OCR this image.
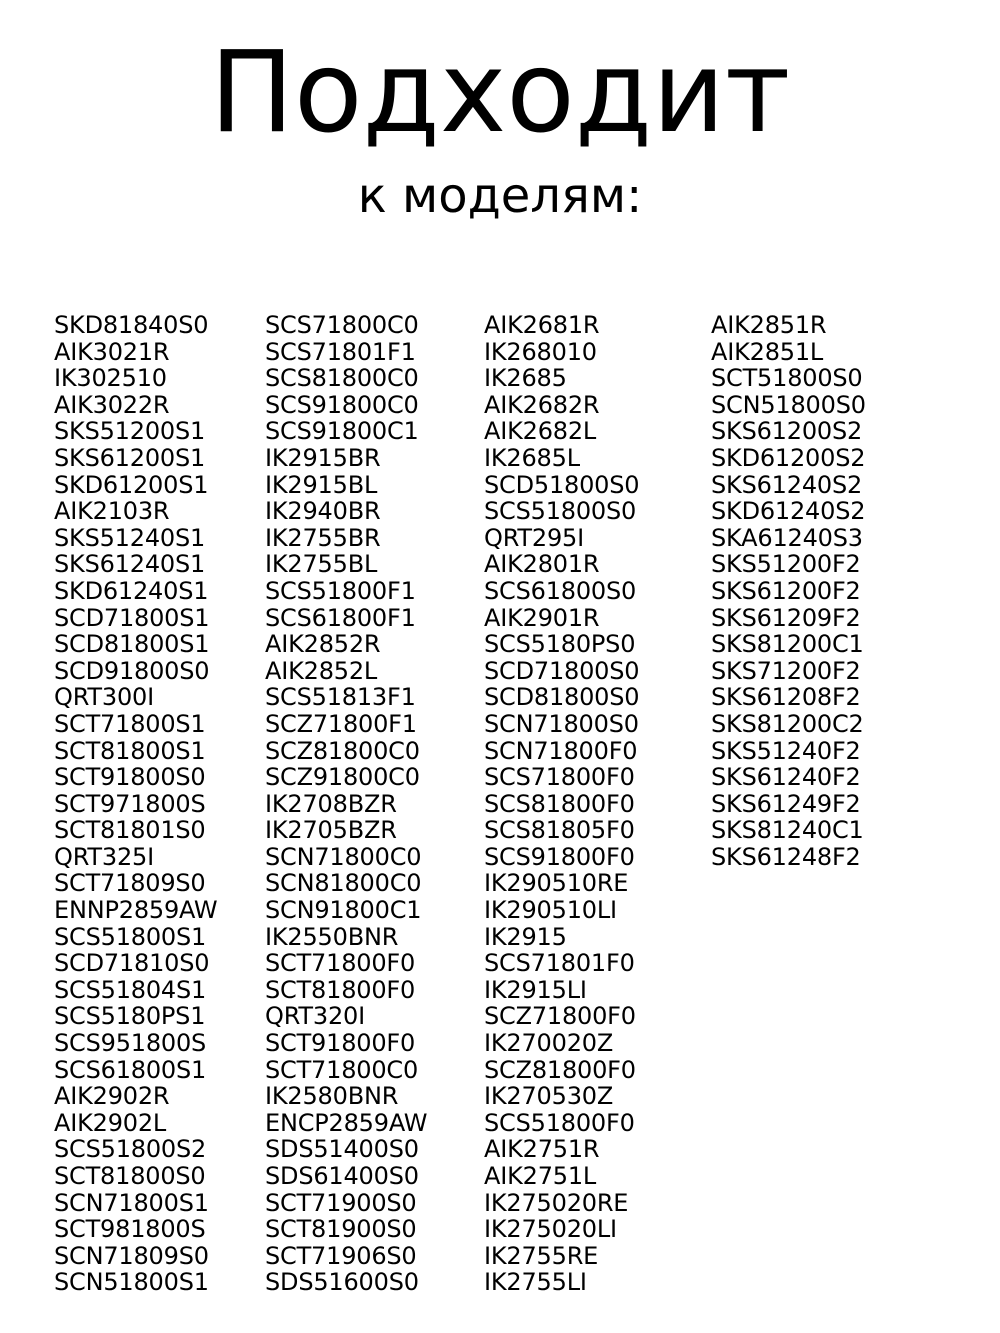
Подходит
к моделям:
SKD81840S0
AIK3021R
IK302510
AIK3022R
SKS51200S1
SKS61200S1
SKD61200S1
AIK2103R
SKS51240S1
SKS61240S1
SKD61240S1
SCD71800S1
SCD81800S1
SCD91800S0
QRT300I
SCT71800S1
SCT81800S1
SCT91800S0
SCT971800S
SCT81801S0
QRT325I
SCT71809S0
ENNP2859AW
SCS51800S1
SCD71810S0
SCS51804S1
SCS5180PS1
SCS951800S
SCS61800S1
AIK2902R
AIK2902L
SCS51800S2
SCT81800S0
SCN71800S1
SCT981800S
SCN71809S0
SCN51800S1
SCS71800C0
SCS71801F1
SCS81800C0
SCS91800C0
SCS91800C1
IK2915BR
IK2915BL
IK2940BR
IK2755BR
IK2755BL
SCS51800F1
SCS61800F1
AIK2852R
AIK2852L
SCS51813F1
SCZ71800F1
SCZ81800C0
SCZ91800C0
IK2708BZR
IK2705BZR
SCN71800C0
SCN81800C0
SCN91800C1
IK2550BNR
SCT71800F0
SCT81800F0
QRT320I
SCT91800F0
SCT71800C0
IK2580BNR
ENCP2859AW
SDS51400S0
SDS61400S0
SCT71900S0
SCT81900S0
SCT71906S0
SDS51600S0
AIK2681R
IK268010
IK2685
AIK2682R
AIK2682L
IK2685L
SCD51800S0
SCS51800S0
QRT295I
AIK2801R
SCS61800S0
AIK2901R
SCS5180PS0
SCD71800S0
SCD81800S0
SCN71800S0
SCN71800F0
SCS71800F0
SCS81800F0
SCS81805F0
SCS91800F0
IK290510RE
IK290510LI
IK2915
SCS71801F0
IK2915LI
SCZ71800F0
IK270020Z
SCZ81800F0
IK270530Z
SCS51800F0
AIK2751R
AIK2751L
IK275020RE
IK275020LI
IK2755RE
IK2755LI
AIK2851R
AIK2851L
SCT51800S0
SCN51800S0
SKS61200S2
SKD61200S2
SKS61240S2
SKD61240S2
SKA61240S3
SKS51200F2
SKS61200F2
SKS61209F2
SKS81200C1
SKS71200F2
SKS61208F2
SKS81200C2
SKS51240F2
SKS61240F2
SKS61249F2
SKS81240C1
SKS61248F2
